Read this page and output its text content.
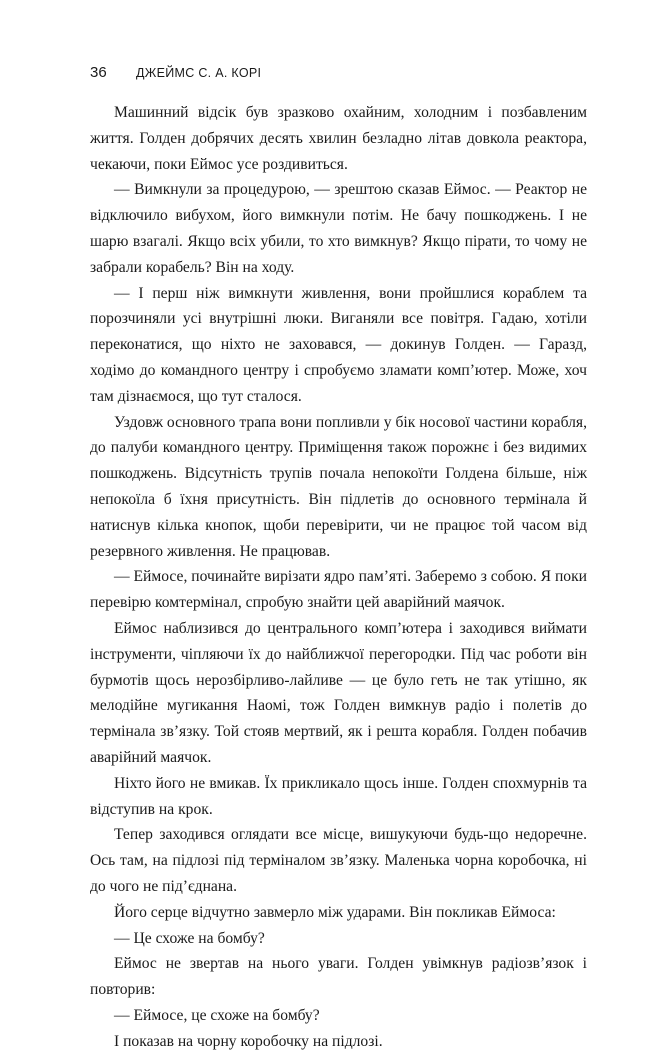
36	ДЖЕЙМС С. А. КОРІ

Машинний відсік був зразково охайним, холодним і позбавленим життя. Голден добрячих десять хвилин безладно літав довкола реактора, чекаючи, поки Еймос усе роздивиться.

— Вимкнули за процедурою, — зрештою сказав Еймос. — Реактор не відключило вибухом, його вимкнули потім. Не бачу пошкоджень. І не шарю взагалі. Якщо всіх убили, то хто вимкнув? Якщо пірати, то чому не забрали корабель? Він на ходу.

— І перш ніж вимкнути живлення, вони пройшлися кораблем та порозчиняли усі внутрішні люки. Виганяли все повітря. Гадаю, хотіли переконатися, що ніхто не заховався, — докинув Голден. — Гаразд, ходімо до командного центру і спробуємо зламати комп’ютер. Може, хоч там дізнаємося, що тут сталося.

Уздовж основного трапа вони попливли у бік носової частини корабля, до палуби командного центру. Приміщення також порожнє і без видимих пошкоджень. Відсутність трупів почала непокоїти Голдена більше, ніж непокоїла б їхня присутність. Він підлетів до основного термінала й натиснув кілька кнопок, щоби перевірити, чи не працює той часом від резервного живлення. Не працював.

— Еймосе, починайте вирізати ядро пам’яті. Заберемо з собою. Я поки перевірю комтермінал, спробую знайти цей аварійний маячок.

Еймос наблизився до центрального комп’ютера і заходився виймати інструменти, чіпляючи їх до найближчої перегородки. Під час роботи він бурмотів щось нерозбірливо-лайливе — це було геть не так утішно, як мелодійне мугикання Наомі, тож Голден вимкнув радіо і полетів до термінала зв’язку. Той стояв мертвий, як і решта корабля. Голден побачив аварійний маячок.

Ніхто його не вмикав. Їх прикликало щось інше. Голден спохмурнів та відступив на крок.

Тепер заходився оглядати все місце, вишукуючи будь-що недоречне. Ось там, на підлозі під терміналом зв’язку. Маленька чорна коробочка, ні до чого не під’єднана.

Його серце відчутно завмерло між ударами. Він покликав Еймоса:

— Це схоже на бомбу?

Еймос не звертав на нього уваги. Голден увімкнув радіозв’язок і повторив:

— Еймосе, це схоже на бомбу?

І показав на чорну коробочку на підлозі.
